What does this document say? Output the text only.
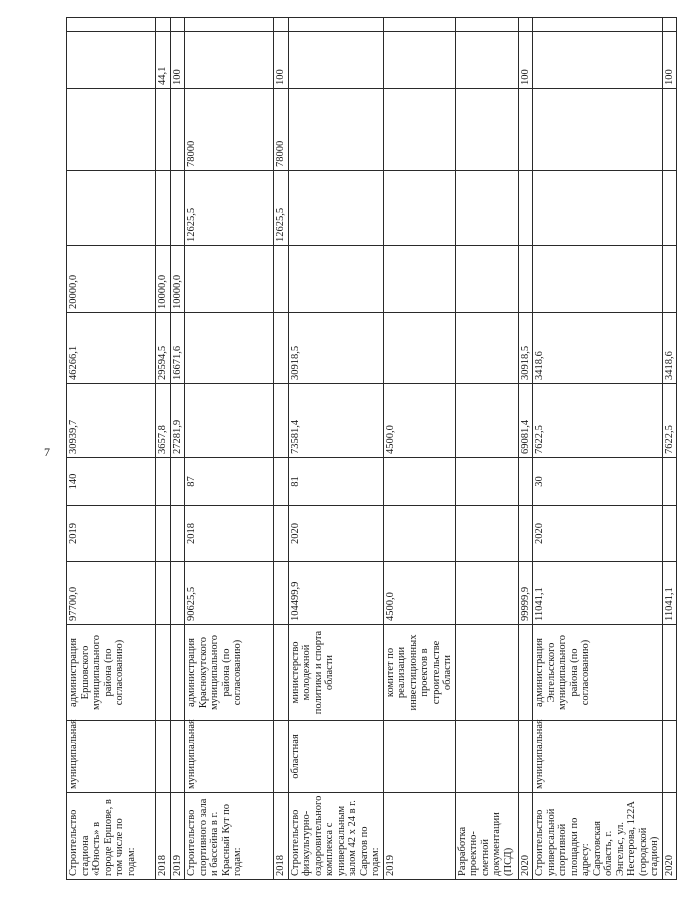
7
Строительство стадиона «Юность» в городе Ершове, в том числе по годам:	муниципальная	администрация Ершовского муниципального района (по согласованию)	97700,0	2019	140	30939,7	46266,1	20000,0				
2018						3657,8	29594,5	10000,0			44,1	
2019						27281,9	16671,6	10000,0			100	
Строительство спортивного зала и бассейна в г. Красный Кут по годам:	муниципальная	администрация Краснокутского муниципального района (по согласованию)	90625,5	2018	87				12625,5	78000		
2018									12625,5	78000	100	
Строительство физкультурно-оздоровительного комплекса с универсальным залом 42 x 24 в г. Саратов по годам:	областная	министерство молодежной политики и спорта области	104499,9	2020	81	73581,4	30918,5					
2019		комитет по реализации инвестиционных проектов в строительстве области	4500,0			4500,0						
Разработка проектно-сметной документации (ПСД)												
2020			99999,9			69081,4	30918,5				100	
Строительство универсальной спортивной площадки по адресу: Саратовская область, г. Энгельс, ул. Нестерова, 122А (городской стадион)	муниципальная	администрация Энгельсского муниципального района (по согласованию)	11041,1	2020	30	7622,5	3418,6					
2020			11041,1			7622,5	3418,6				100	
